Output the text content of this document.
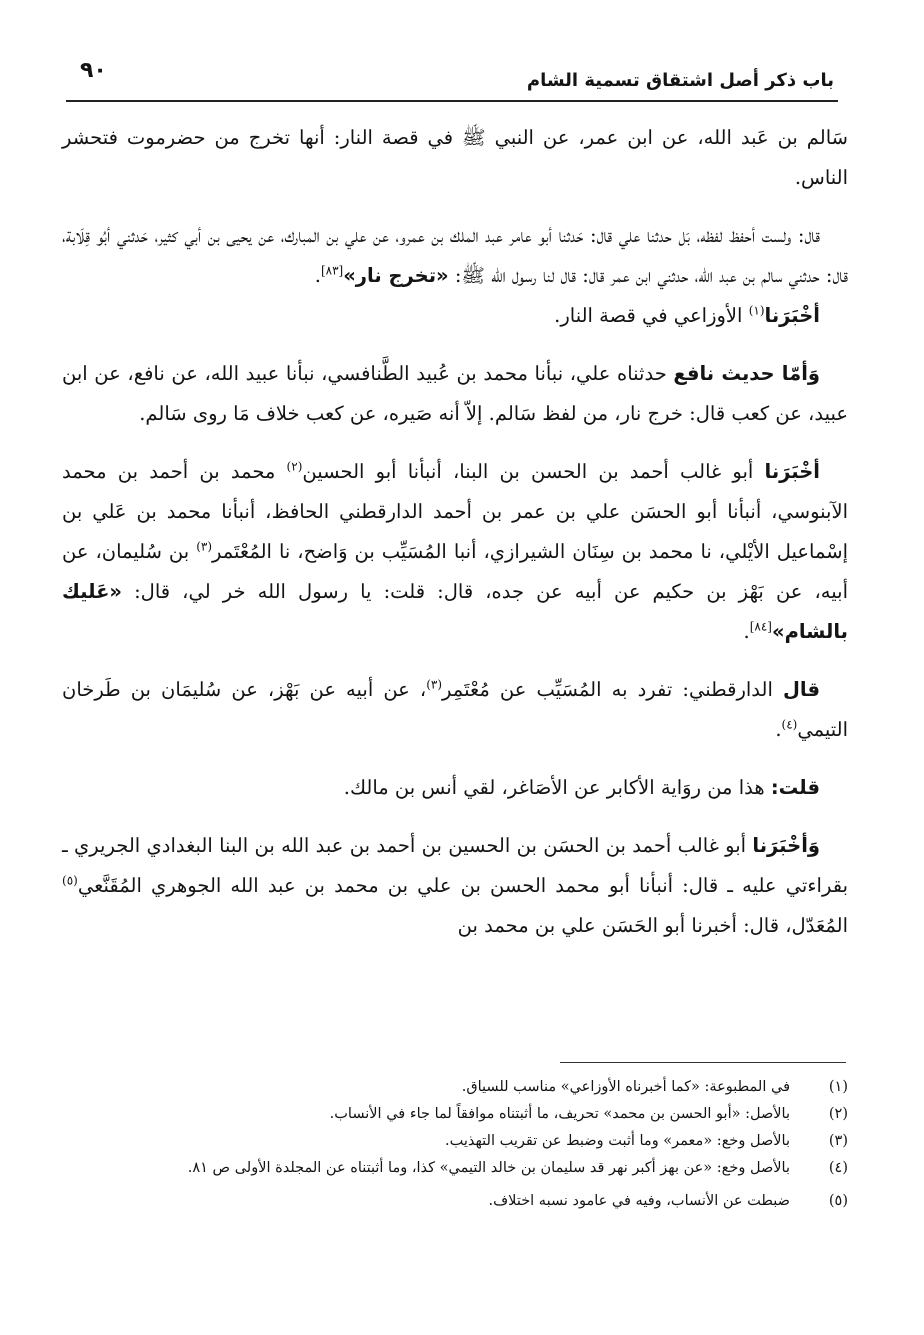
٩٠	باب ذكر أصل اشتقاق تسمية الشام

سَالم بن عَبد الله، عن ابن عمر، عن النبي ﷺ في قصة النار: أنها تخرج من حضرموت فتحشر الناس.

قال: ولست أحفظ لفظه، بَل حدثنا علي قال: حَدثنا أبو عامر عبد الملك بن عمرو، عن علي بن المبارك، عن يحيى بن أبي كثير، حَدثني أبُو قِلَابة، قال: حدثني سالم بن عبد الله، حدثني ابن عمر قال: قال لنا رسول الله ﷺ: «تخرج نار»[٨٣].

أخْبَرَنا$^{(١)}$ الأوزاعي في قصة النار.

وَأمّا حديث نافع حدثناه علي، نبأنا محمد بن عُبيد الطَّنافسي، نبأنا عبيد الله، عن نافع، عن ابن عبيد، عن كعب قال: خرج نار، من لفظ سَالم. إلاّ أنه صَيره، عن كعب خلاف مَا روى سَالم.

أخْبَرَنا أبو غالب أحمد بن الحسن بن البنا، أنبأنا أبو الحسين$^{(٢)}$ محمد بن أحمد بن محمد الآبنوسي، أنبأنا أبو الحسَن علي بن عمر بن أحمد الدارقطني الحافظ، أنبأنا محمد بن عَلي بن إسْماعيل الأيْلي، نا محمد بن سِنَان الشيرازي، أنبا المُسَيِّب بن وَاضح، نا المُعْتَمر$^{(٣)}$ بن سُليمان، عن أبيه، عن بَهْز بن حكيم عن أبيه عن جده، قال: قلت: يا رسول الله خر لي، قال: «عَليك بالشام»[٨٤].

قال الدارقطني: تفرد به المُسَيِّب عن مُعْتَمِر$^{(٣)}$، عن أبيه عن بَهْز، عن سُليمَان بن طَرخان التيمي$^{(٤)}$.

قلت: هذا من روَاية الأكابر عن الأصَاغر، لقي أنس بن مالك.

وَأخْبَرَنا أبو غالب أحمد بن الحسَن بن الحسين بن أحمد بن عبد الله بن البنا البغدادي الجريري ـ بقراءتي عليه ـ قال: أنبأنا أبو محمد الحسن بن علي بن محمد بن عبد الله الجوهري المُقَنَّعي$^{(٥)}$ المُعَدّل، قال: أخبرنا أبو الحَسَن علي بن محمد بن

(١)
في المطبوعة: «كما أخبرناه الأوزاعي» مناسب للسياق.
(٢)
بالأصل: «أبو الحسن بن محمد» تحريف، ما أثبتناه موافقاً لما جاء في الأنساب.
(٣)
بالأصل وخع: «معمر» وما أثبت وضبط عن تقريب التهذيب.
(٤)
بالأصل وخع: «عن بهز أكبر نهر قد سليمان بن خالد التيمي» كذا، وما أثبتناه عن المجلدة الأولى ص ٨١.
(٥)
ضبطت عن الأنساب، وفيه في عامود نسبه اختلاف.
